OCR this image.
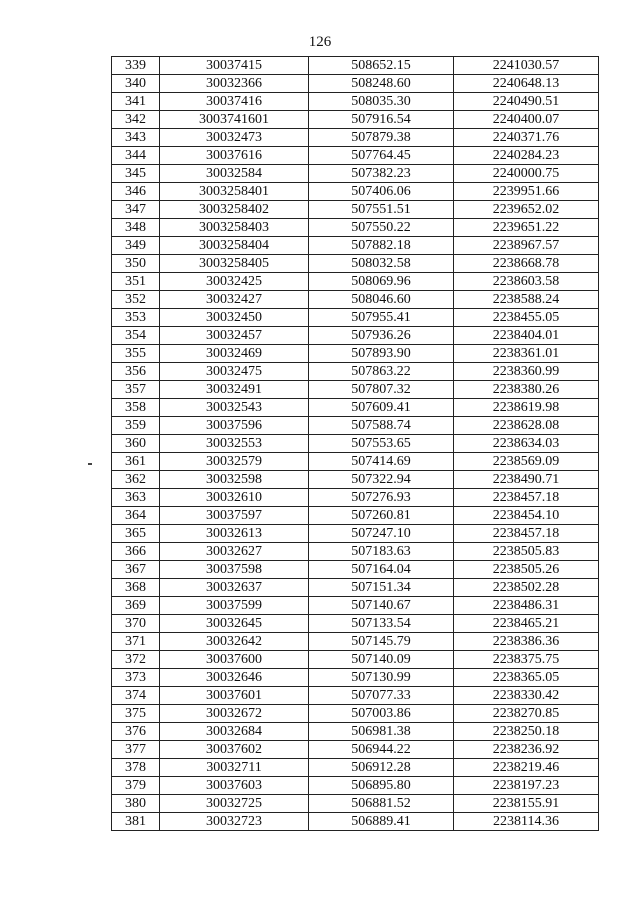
126
339	30037415	508652.15	2241030.57
340	30032366	508248.60	2240648.13
341	30037416	508035.30	2240490.51
342	3003741601	507916.54	2240400.07
343	30032473	507879.38	2240371.76
344	30037616	507764.45	2240284.23
345	30032584	507382.23	2240000.75
346	3003258401	507406.06	2239951.66
347	3003258402	507551.51	2239652.02
348	3003258403	507550.22	2239651.22
349	3003258404	507882.18	2238967.57
350	3003258405	508032.58	2238668.78
351	30032425	508069.96	2238603.58
352	30032427	508046.60	2238588.24
353	30032450	507955.41	2238455.05
354	30032457	507936.26	2238404.01
355	30032469	507893.90	2238361.01
356	30032475	507863.22	2238360.99
357	30032491	507807.32	2238380.26
358	30032543	507609.41	2238619.98
359	30037596	507588.74	2238628.08
360	30032553	507553.65	2238634.03
361	30032579	507414.69	2238569.09
362	30032598	507322.94	2238490.71
363	30032610	507276.93	2238457.18
364	30037597	507260.81	2238454.10
365	30032613	507247.10	2238457.18
366	30032627	507183.63	2238505.83
367	30037598	507164.04	2238505.26
368	30032637	507151.34	2238502.28
369	30037599	507140.67	2238486.31
370	30032645	507133.54	2238465.21
371	30032642	507145.79	2238386.36
372	30037600	507140.09	2238375.75
373	30032646	507130.99	2238365.05
374	30037601	507077.33	2238330.42
375	30032672	507003.86	2238270.85
376	30032684	506981.38	2238250.18
377	30037602	506944.22	2238236.92
378	30032711	506912.28	2238219.46
379	30037603	506895.80	2238197.23
380	30032725	506881.52	2238155.91
381	30032723	506889.41	2238114.36
